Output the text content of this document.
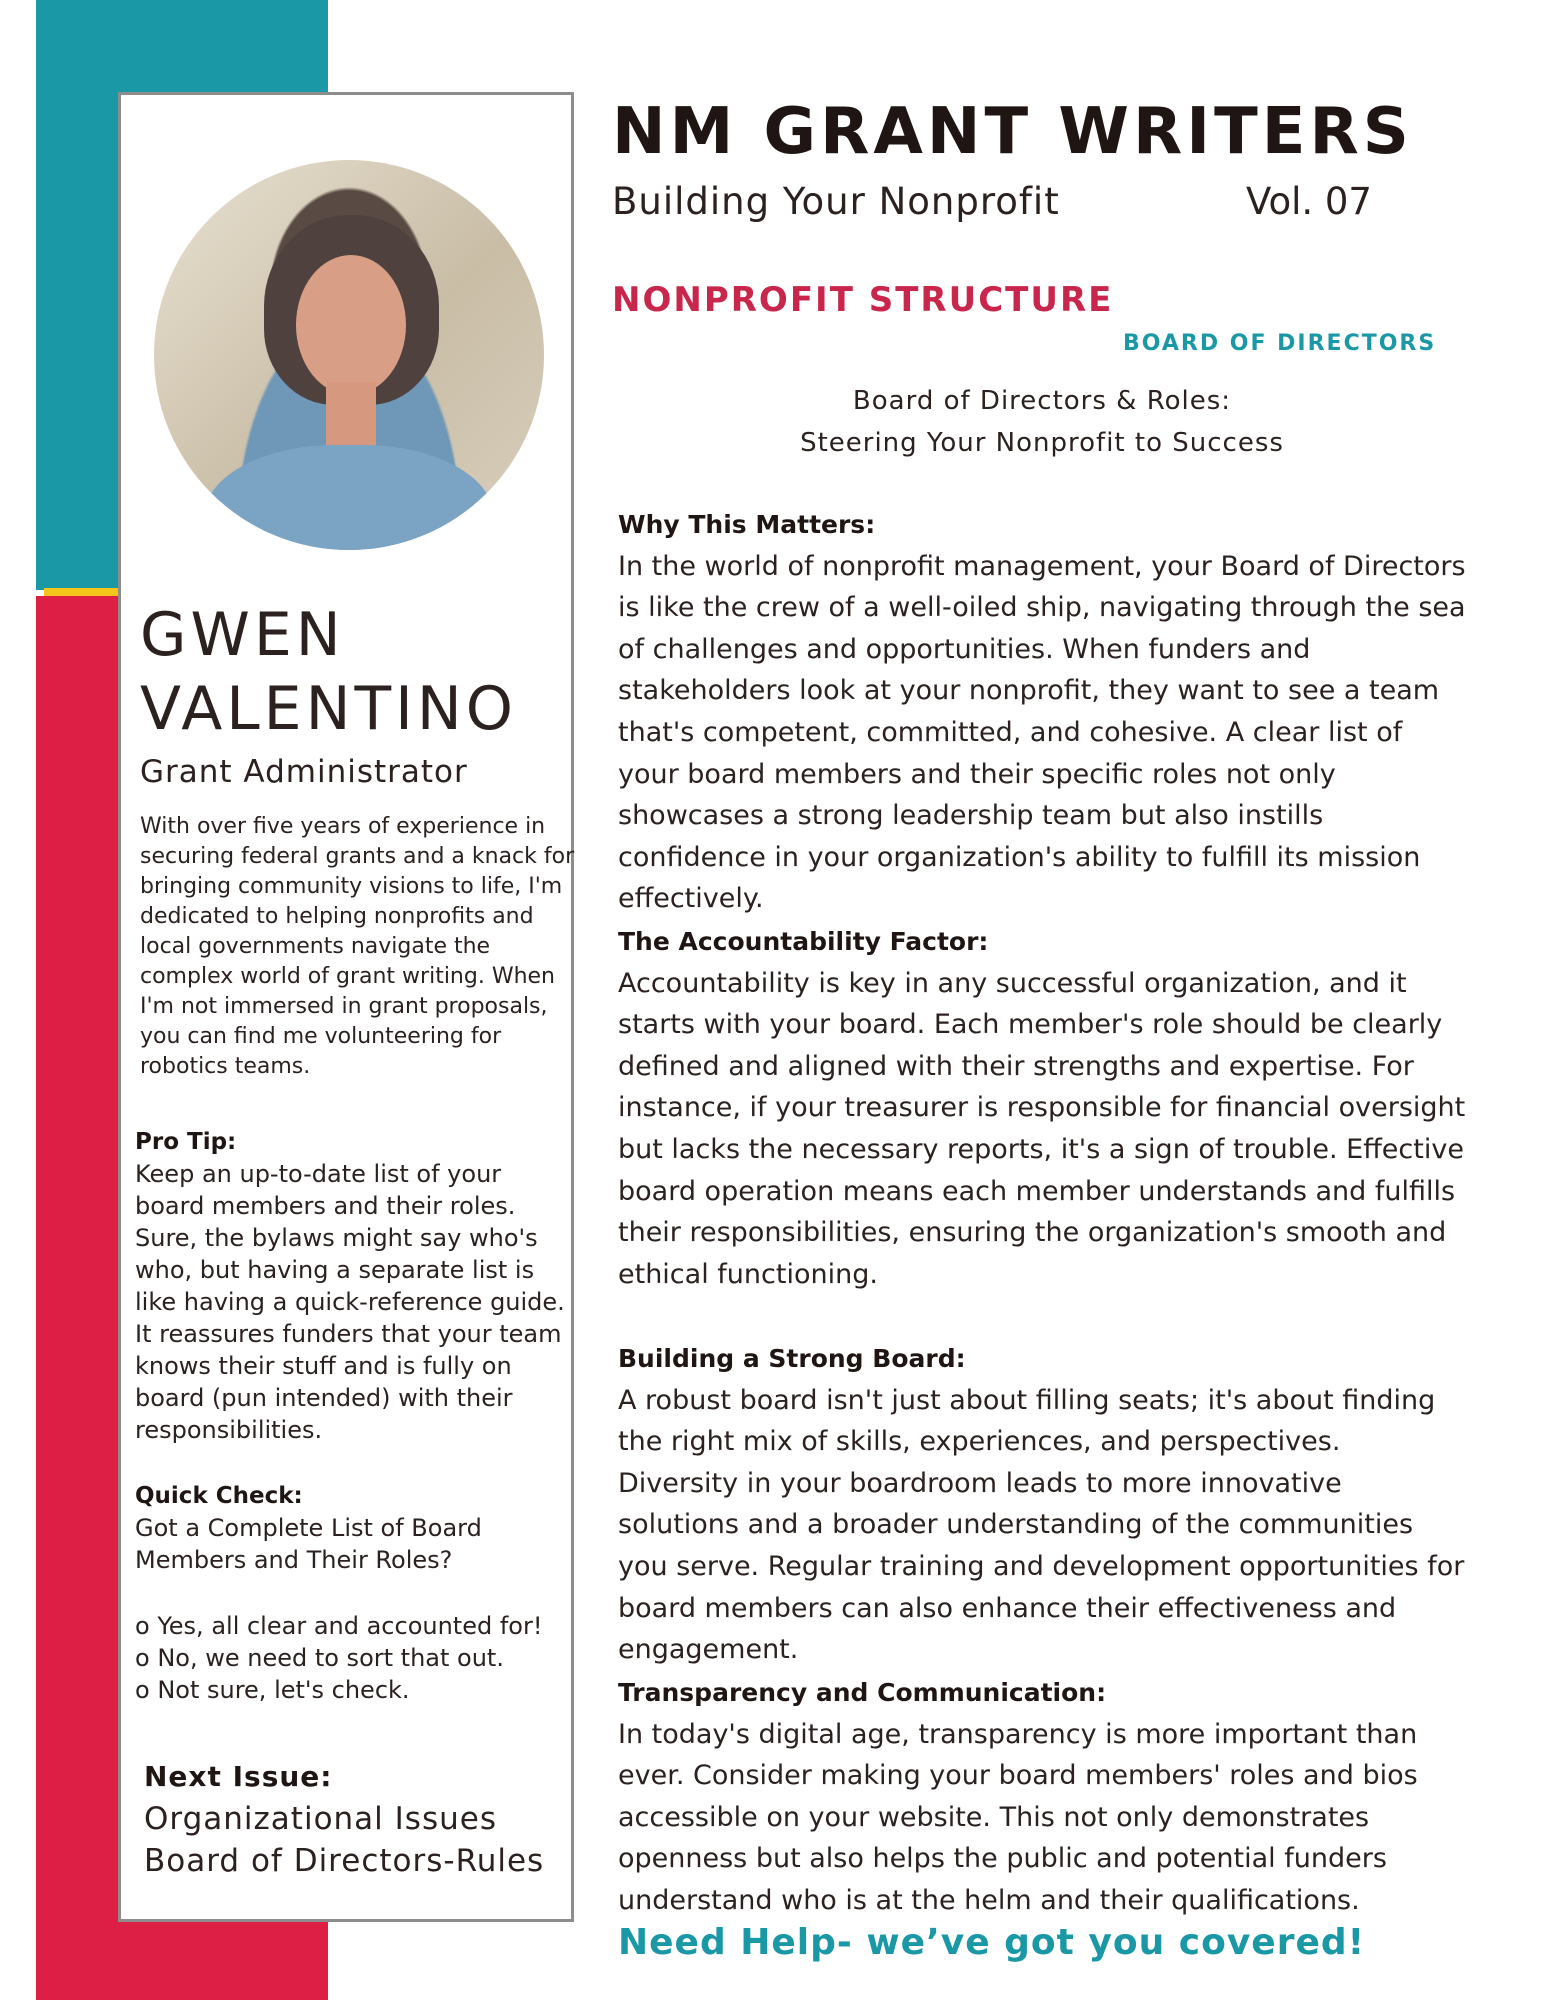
GWEN
VALENTINO
Grant Administrator
With over five years of experience in securing federal grants and a knack for bringing community visions to life, I'm dedicated to helping nonprofits and local governments navigate the complex world of grant writing. When I'm not immersed in grant proposals, you can find me volunteering for robotics teams.
Pro Tip:
Keep an up-to-date list of your board members and their roles. Sure, the bylaws might say who's who, but having a separate list is like having a quick-reference guide. It reassures funders that your team knows their stuff and is fully on board (pun intended) with their responsibilities.
Quick Check:
Got a Complete List of Board Members and Their Roles?
o Yes, all clear and accounted for!
o No, we need to sort that out.
o Not sure, let's check.
Next Issue:
Organizational Issues
Board of Directors-Rules
NM GRANT WRITERS
Building Your Nonprofit	Vol. 07
NONPROFIT STRUCTURE
BOARD OF DIRECTORS
Board of Directors & Roles:
Steering Your Nonprofit to Success
Why This Matters:
In the world of nonprofit management, your Board of Directors is like the crew of a well-oiled ship, navigating through the sea of challenges and opportunities. When funders and stakeholders look at your nonprofit, they want to see a team that's competent, committed, and cohesive. A clear list of your board members and their specific roles not only showcases a strong leadership team but also instills confidence in your organization's ability to fulfill its mission effectively.
The Accountability Factor:
Accountability is key in any successful organization, and it starts with your board. Each member's role should be clearly defined and aligned with their strengths and expertise. For instance, if your treasurer is responsible for financial oversight but lacks the necessary reports, it's a sign of trouble. Effective board operation means each member understands and fulfills their responsibilities, ensuring the organization's smooth and ethical functioning.
Building a Strong Board:
A robust board isn't just about filling seats; it's about finding the right mix of skills, experiences, and perspectives. Diversity in your boardroom leads to more innovative solutions and a broader understanding of the communities you serve. Regular training and development opportunities for board members can also enhance their effectiveness and engagement.
Transparency and Communication:
In today's digital age, transparency is more important than ever. Consider making your board members' roles and bios accessible on your website. This not only demonstrates openness but also helps the public and potential funders understand who is at the helm and their qualifications.
Need Help- we’ve got you covered!
